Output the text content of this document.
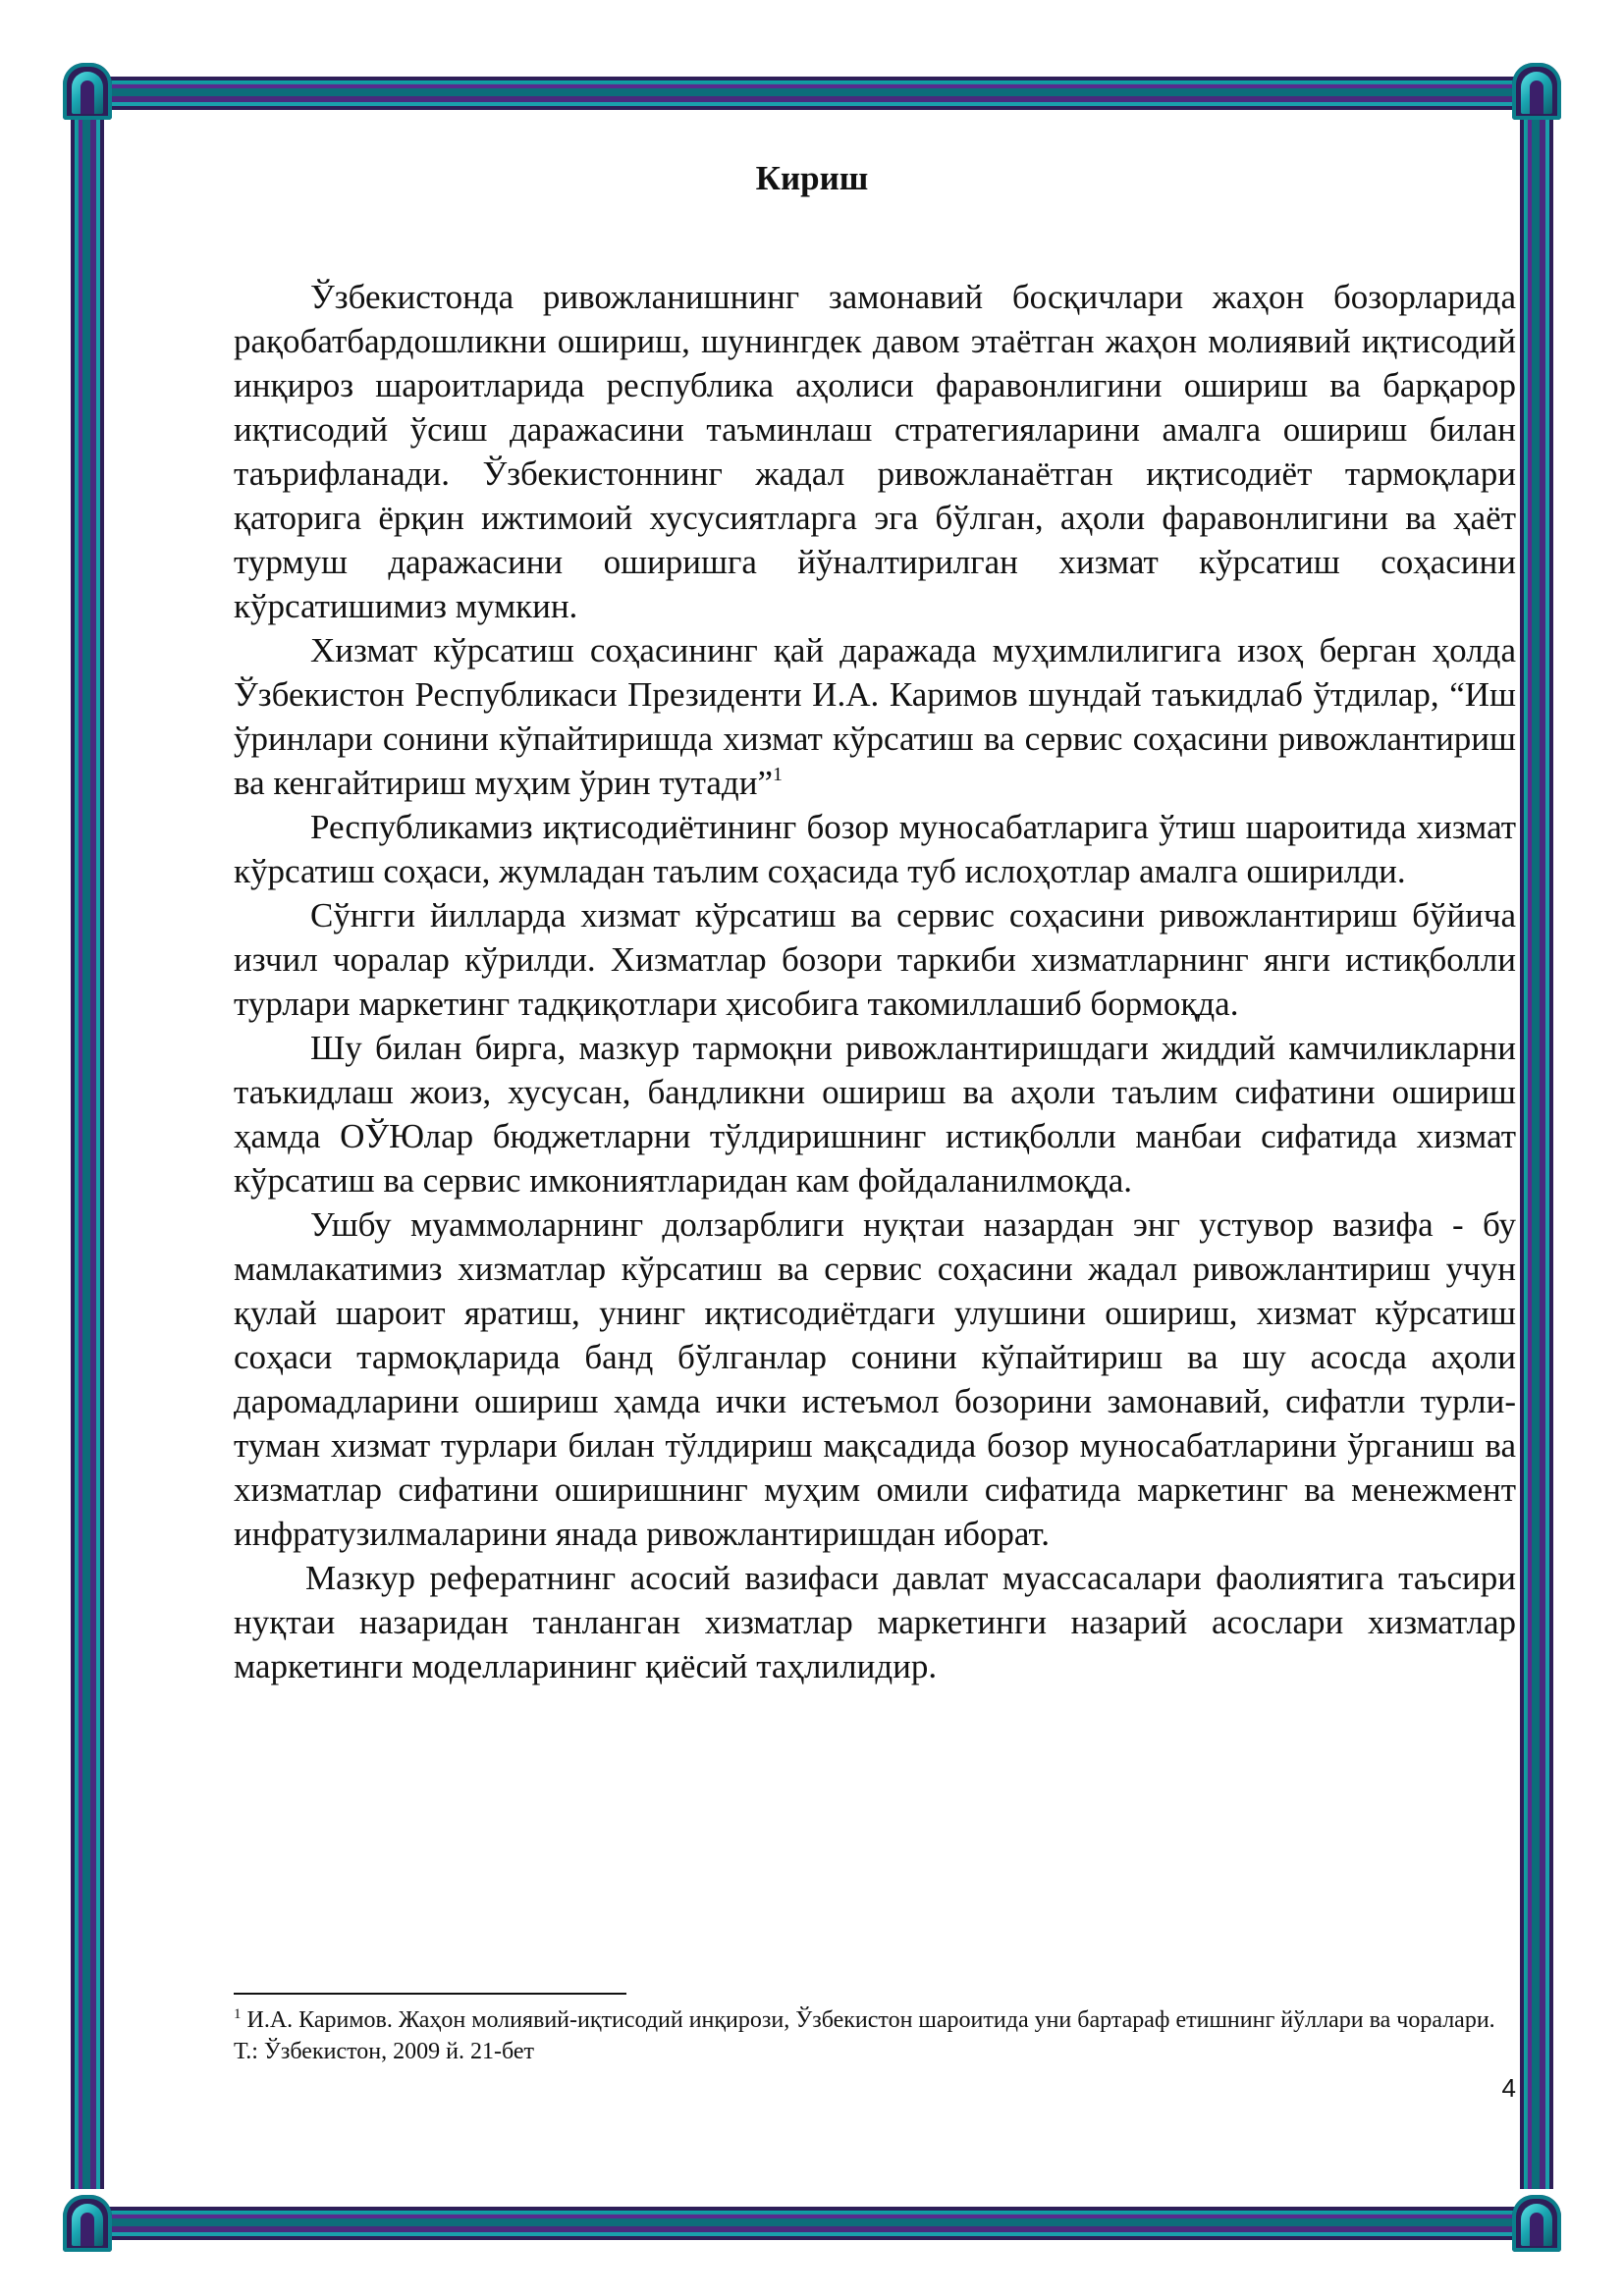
Кириш

Ўзбекистонда ривожланишнинг замонавий босқичлари жаҳон бозорларида рақобатбардошликни ошириш, шунингдек давом этаётган жаҳон молиявий иқтисодий инқироз шароитларида республика аҳолиси фаравонлигини ошириш ва барқарор иқтисодий ўсиш даражасини таъминлаш стратегияларини амалга ошириш билан таърифланади. Ўзбекистоннинг жадал ривожланаётган иқтисодиёт тармоқлари қаторига ёрқин ижтимоий хусусиятларга эга бўлган, аҳоли фаравонлигини ва ҳаёт турмуш даражасини оширишга йўналтирилган хизмат кўрсатиш соҳасини кўрсатишимиз мумкин.

Хизмат кўрсатиш соҳасининг қай даражада муҳимлилигига изоҳ берган ҳолда Ўзбекистон Республикаси Президенти И.А. Каримов шундай таъкидлаб ўтдилар, “Иш ўринлари сонини кўпайтиришда хизмат кўрсатиш ва сервис соҳасини ривожлантириш ва кенгайтириш муҳим ўрин тутади”$^1$

Республикамиз иқтисодиётининг бозор муносабатларига ўтиш шароитида хизмат кўрсатиш соҳаси, жумладан таълим соҳасида туб ислоҳотлар амалга оширилди.

Сўнгги йилларда хизмат кўрсатиш ва сервис соҳасини ривожлантириш бўйича изчил чоралар кўрилди. Хизматлар бозори таркиби хизматларнинг янги истиқболли турлари маркетинг тадқиқотлари ҳисобига такомиллашиб бормоқда.

Шу билан бирга, мазкур тармоқни ривожлантиришдаги жиддий камчиликларни таъкидлаш жоиз, хусусан, бандликни ошириш ва аҳоли таълим сифатини ошириш ҳамда ОЎЮлар бюджетларни тўлдиришнинг истиқболли манбаи сифатида хизмат кўрсатиш ва сервис имкониятларидан кам фойдаланилмоқда.

Ушбу муаммоларнинг долзарблиги нуқтаи назардан энг устувор вазифа - бу мамлакатимиз хизматлар кўрсатиш ва сервис соҳасини жадал ривожлантириш учун қулай шароит яратиш, унинг иқтисодиётдаги улушини ошириш, хизмат кўрсатиш соҳаси тармоқларида банд бўлганлар сонини кўпайтириш ва шу асосда аҳоли даромадларини ошириш ҳамда ички истеъмол бозорини замонавий, сифатли турли-туман хизмат турлари билан тўлдириш мақсадида бозор муносабатларини ўрганиш ва хизматлар сифатини оширишнинг муҳим омили сифатида маркетинг ва менежмент инфратузилмаларини янада ривожлантиришдан иборат.

Мазкур рефератнинг асосий вазифаси давлат муассасалари фаолиятига таъсири нуқтаи назаридан танланган хизматлар маркетинги назарий асослари хизматлар маркетинги моделларининг қиёсий таҳлилидир.

$^1$ И.А. Каримов. Жаҳон молиявий-иқтисодий инқирози, Ўзбекистон шароитида уни бартараф етишнинг йўллари ва чоралари. Т.: Ўзбекистон, 2009 й. 21-бет
4
